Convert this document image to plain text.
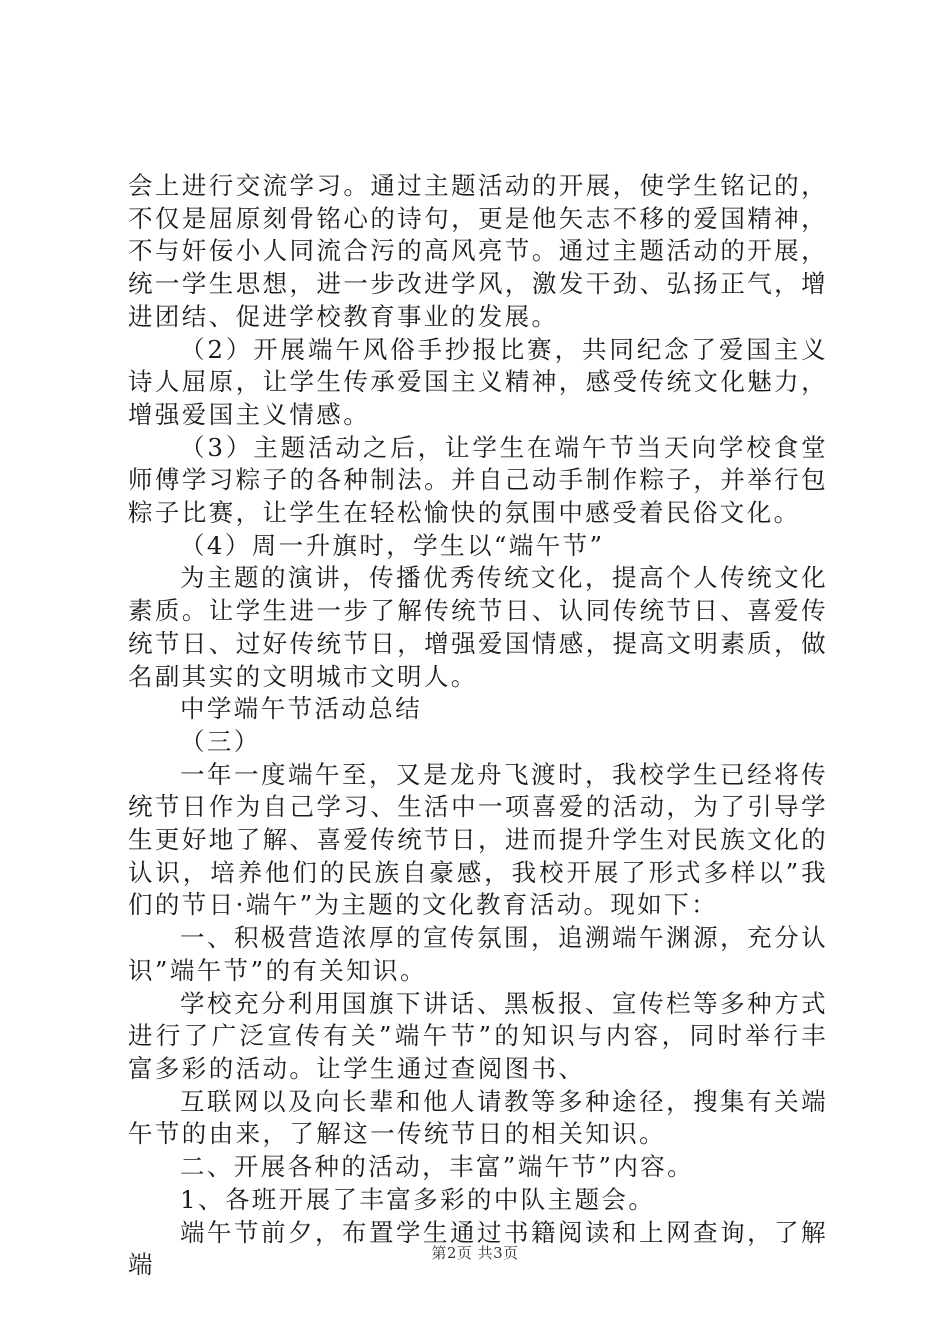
会上进行交流学习。通过主题活动的开展，使学生铭记的，不仅是屈原刻骨铭心的诗句，更是他矢志不移的爱国精神，不与奸佞小人同流合污的高风亮节。通过主题活动的开展，统一学生思想，进一步改进学风，激发干劲、弘扬正气，增进团结、促进学校教育事业的发展。

（2）开展端午风俗手抄报比赛，共同纪念了爱国主义诗人屈原，让学生传承爱国主义精神，感受传统文化魅力，增强爱国主义情感。

（3）主题活动之后，让学生在端午节当天向学校食堂师傅学习粽子的各种制法。并自己动手制作粽子，并举行包粽子比赛，让学生在轻松愉快的氛围中感受着民俗文化。

（4）周一升旗时，学生以“端午节”

为主题的演讲，传播优秀传统文化，提高个人传统文化素质。让学生进一步了解传统节日、认同传统节日、喜爱传统节日、过好传统节日，增强爱国情感，提高文明素质，做名副其实的文明城市文明人。

中学端午节活动总结

（三）

一年一度端午至，又是龙舟飞渡时，我校学生已经将传统节日作为自己学习、生活中一项喜爱的活动，为了引导学生更好地了解、喜爱传统节日，进而提升学生对民族文化的认识，培养他们的民族自豪感，我校开展了形式多样以”我们的节日·端午”为主题的文化教育活动。现如下：

一、积极营造浓厚的宣传氛围，追溯端午渊源，充分认识”端午节”的有关知识。

学校充分利用国旗下讲话、黑板报、宣传栏等多种方式进行了广泛宣传有关”端午节”的知识与内容，同时举行丰富多彩的活动。让学生通过查阅图书、

互联网以及向长辈和他人请教等多种途径，搜集有关端午节的由来，了解这一传统节日的相关知识。

二、开展各种的活动，丰富”端午节”内容。

1、各班开展了丰富多彩的中队主题会。

端午节前夕，布置学生通过书籍阅读和上网查询，了解端	第2页 共3页
